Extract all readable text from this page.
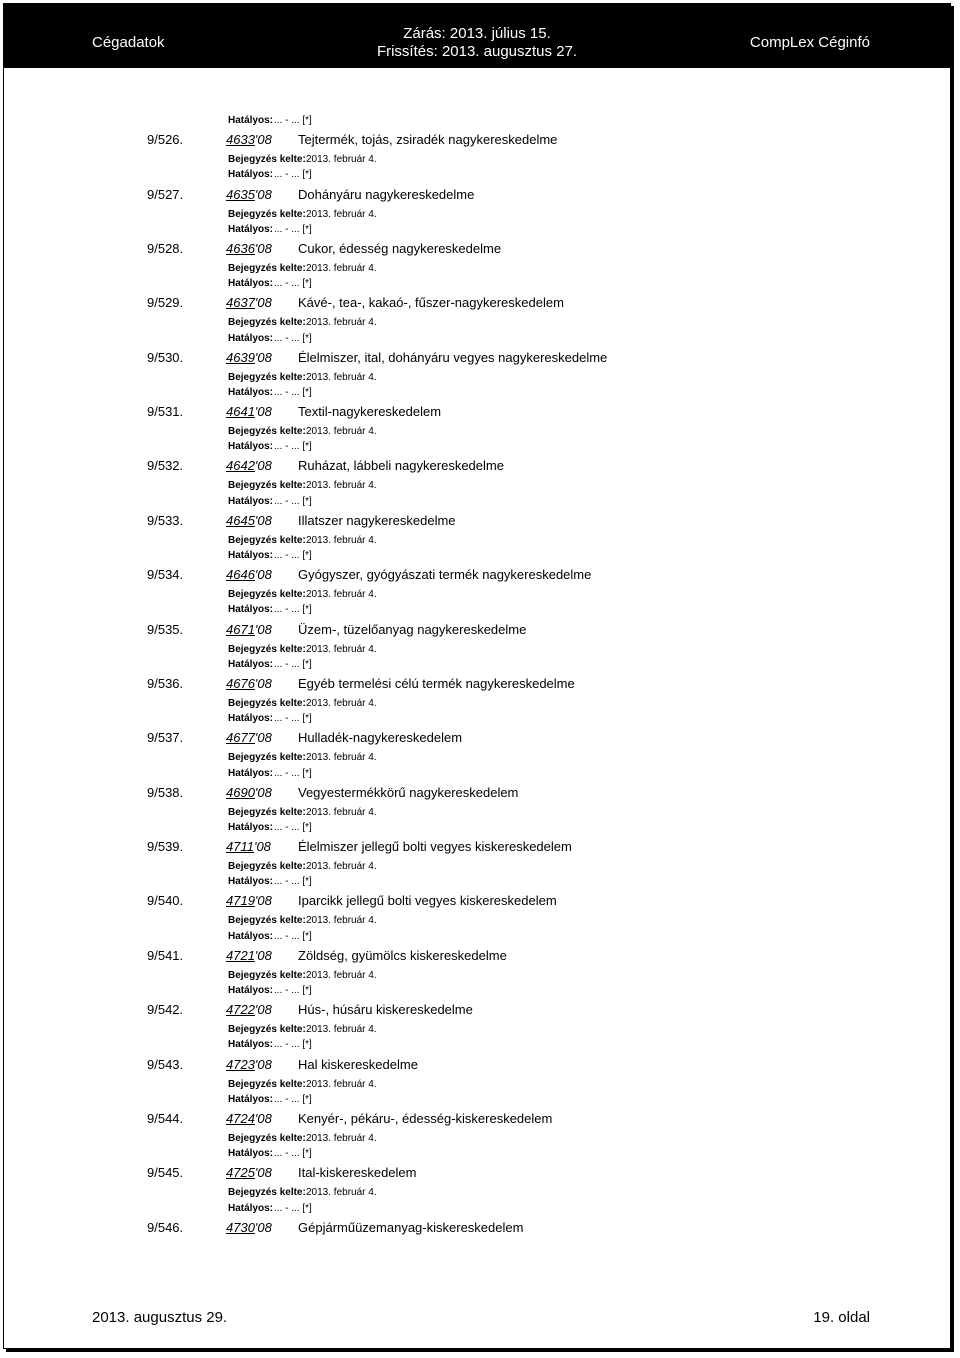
Cégadatok
Zárás: 2013. július 15.
Frissítés: 2013. augusztus 27.
CompLex Céginfó
Hatályos: ... - ... [*]
9/526.	4633'08 Tejtermék, tojás, zsiradék nagykereskedelme
Bejegyzés kelte: 2013. február 4.
Hatályos: ... - ... [*]
9/527.	4635'08 Dohányáru nagykereskedelme
Bejegyzés kelte: 2013. február 4.
Hatályos: ... - ... [*]
9/528.	4636'08 Cukor, édesség nagykereskedelme
Bejegyzés kelte: 2013. február 4.
Hatályos: ... - ... [*]
9/529.	4637'08 Kávé-, tea-, kakaó-, fűszer-nagykereskedelem
Bejegyzés kelte: 2013. február 4.
Hatályos: ... - ... [*]
9/530.	4639'08 Élelmiszer, ital, dohányáru vegyes nagykereskedelme
Bejegyzés kelte: 2013. február 4.
Hatályos: ... - ... [*]
9/531.	4641'08 Textil-nagykereskedelem
Bejegyzés kelte: 2013. február 4.
Hatályos: ... - ... [*]
9/532.	4642'08 Ruházat, lábbeli nagykereskedelme
Bejegyzés kelte: 2013. február 4.
Hatályos: ... - ... [*]
9/533.	4645'08 Illatszer nagykereskedelme
Bejegyzés kelte: 2013. február 4.
Hatályos: ... - ... [*]
9/534.	4646'08 Gyógyszer, gyógyászati termék nagykereskedelme
Bejegyzés kelte: 2013. február 4.
Hatályos: ... - ... [*]
9/535.	4671'08 Üzem-, tüzelőanyag nagykereskedelme
Bejegyzés kelte: 2013. február 4.
Hatályos: ... - ... [*]
9/536.	4676'08 Egyéb termelési célú termék nagykereskedelme
Bejegyzés kelte: 2013. február 4.
Hatályos: ... - ... [*]
9/537.	4677'08 Hulladék-nagykereskedelem
Bejegyzés kelte: 2013. február 4.
Hatályos: ... - ... [*]
9/538.	4690'08 Vegyestermékkörű nagykereskedelem
Bejegyzés kelte: 2013. február 4.
Hatályos: ... - ... [*]
9/539.	4711'08 Élelmiszer jellegű bolti vegyes kiskereskedelem
Bejegyzés kelte: 2013. február 4.
Hatályos: ... - ... [*]
9/540.	4719'08 Iparcikk jellegű bolti vegyes kiskereskedelem
Bejegyzés kelte: 2013. február 4.
Hatályos: ... - ... [*]
9/541.	4721'08 Zöldség, gyümölcs kiskereskedelme
Bejegyzés kelte: 2013. február 4.
Hatályos: ... - ... [*]
9/542.	4722'08 Hús-, húsáru kiskereskedelme
Bejegyzés kelte: 2013. február 4.
Hatályos: ... - ... [*]
9/543.	4723'08 Hal kiskereskedelme
Bejegyzés kelte: 2013. február 4.
Hatályos: ... - ... [*]
9/544.	4724'08 Kenyér-, pékáru-, édesség-kiskereskedelem
Bejegyzés kelte: 2013. február 4.
Hatályos: ... - ... [*]
9/545.	4725'08 Ital-kiskereskedelem
Bejegyzés kelte: 2013. február 4.
Hatályos: ... - ... [*]
9/546.	4730'08 Gépjárműüzemanyag-kiskereskedelem
2013. augusztus 29.	19. oldal
